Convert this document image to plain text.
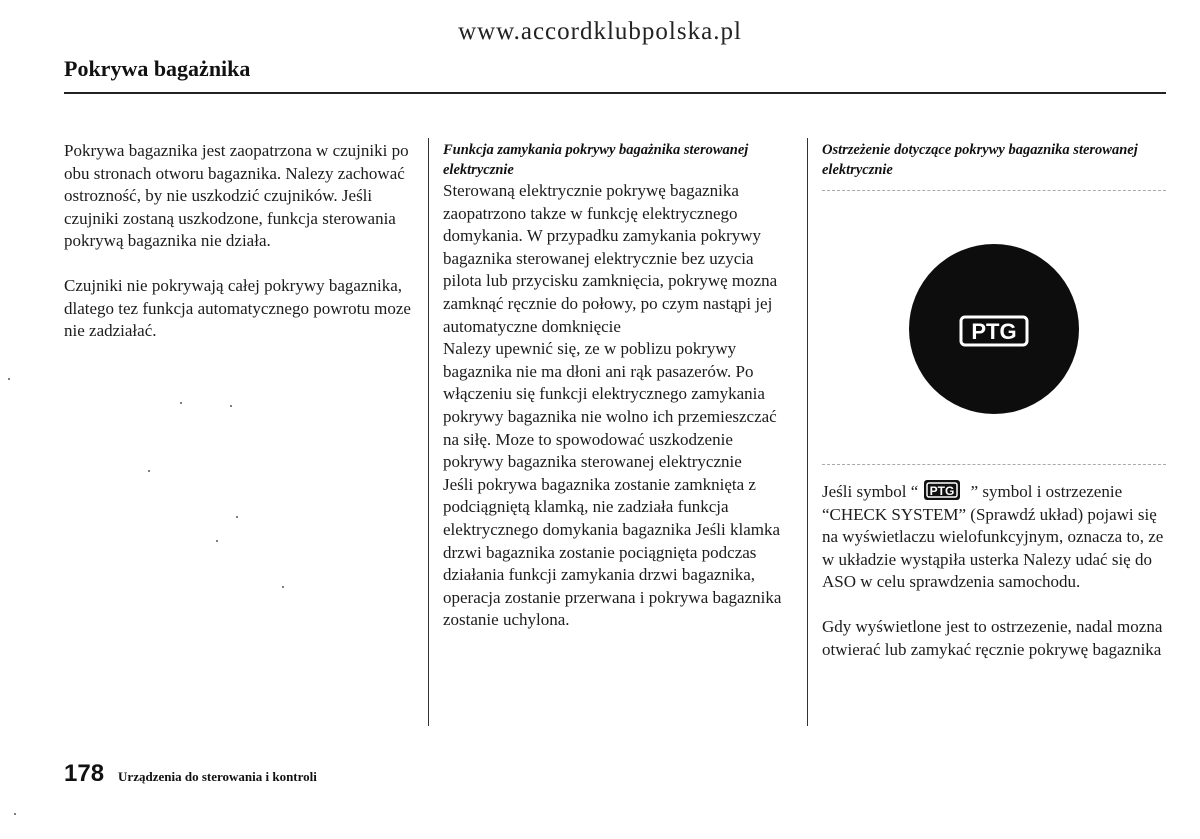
www.accordklubpolska.pl
Pokrywa bagażnika

Pokrywa bagaznika jest zaopatrzona w czujniki po obu stronach otworu bagaznika. Nalezy zachować ostrozność, by nie uszkodzić czujników. Jeśli czujniki zostaną uszkodzone, funkcja sterowania pokrywą bagaznika nie działa.

Czujniki nie pokrywają całej pokrywy bagaznika, dlatego tez funkcja automatycznego powrotu moze nie zadziałać.

Funkcja zamykania pokrywy bagażnika sterowanej elektrycznie

Sterowaną elektrycznie pokrywę bagaznika zaopatrzono takze w funkcję elektrycznego domykania. W przypadku zamykania pokrywy bagaznika sterowanej elektrycznie bez uzycia pilota lub przycisku zamknięcia, pokrywę mozna zamknąć ręcznie do połowy, po czym nastąpi jej automatyczne domknięcie

Nalezy upewnić się, ze w poblizu pokrywy bagaznika nie ma dłoni ani rąk pasazerów. Po włączeniu się funkcji elektrycznego zamykania pokrywy bagaznika nie wolno ich przemieszczać na siłę. Moze to spowodować uszkodzenie pokrywy bagaznika sterowanej elektrycznie

Jeśli pokrywa bagaznika zostanie zamknięta z podciągniętą klamką, nie zadziała funkcja elektrycznego domykania bagaznika Jeśli klamka drzwi bagaznika zostanie pociągnięta podczas działania funkcji zamykania drzwi bagaznika, operacja zostanie przerwana i pokrywa bagaznika zostanie uchylona.

Ostrzeżenie dotyczące pokrywy bagaznika sterowanej elektrycznie

PTG

Jeśli symbol “ PTG ” symbol i ostrzezenie “CHECK SYSTEM” (Sprawdź układ) pojawi się na wyświetlaczu wielofunkcyjnym, oznacza to, ze w układzie wystąpiła usterka Nalezy udać się do ASO w celu sprawdzenia samochodu.

Gdy wyświetlone jest to ostrzezenie, nadal mozna otwierać lub zamykać ręcznie pokrywę bagaznika

178 Urządzenia do sterowania i kontroli
